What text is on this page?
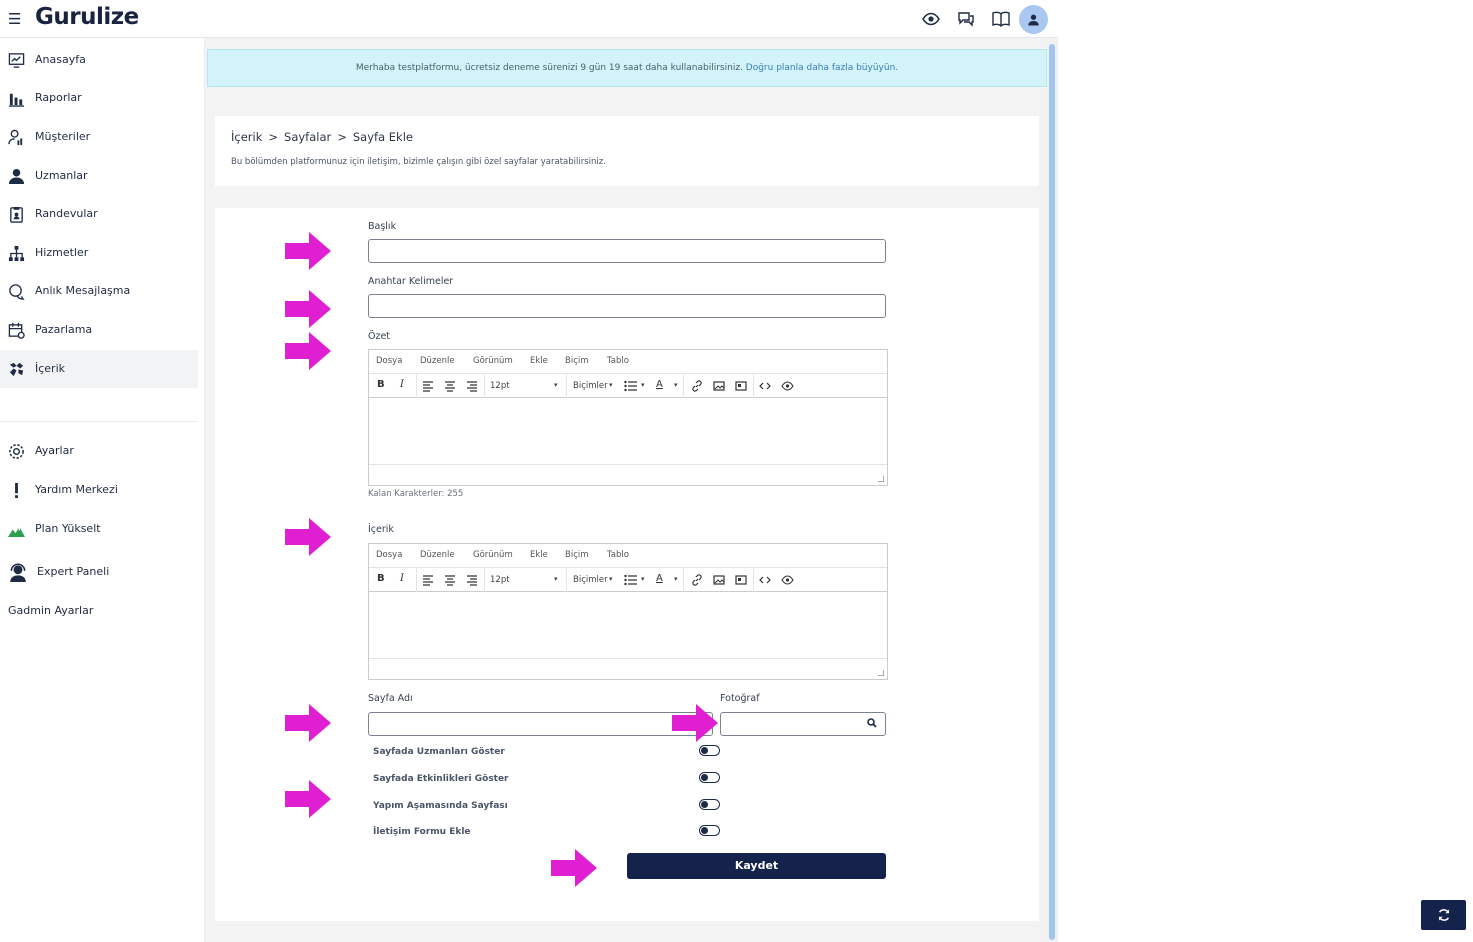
☰ Gurulize
Anasayfa
Raporlar
Müşteriler
Uzmanlar
Randevular
Hizmetler
Anlık Mesajlaşma
Pazarlama
İçerik
Ayarlar
Yardım Merkezi
Plan Yükselt
Expert Paneli
Gadmin Ayarlar
Merhaba testplatformu, ücretsiz deneme sürenizi 9 gün 19 saat daha kullanabilirsiniz. Doğru planla daha fazla büyüyün.
İçerik > Sayfalar > Sayfa Ekle
Bu bölümden platformunuz için iletişim, bizimle çalışın gibi özel sayfalar yaratabilirsiniz.
Başlık
Anahtar Kelimeler
Özet
Dosya Düzenle Görünüm Ekle Biçim Tablo
B I	12pt	▾ Biçimler ▾	▾ A ▾
Kalan Karakterler: 255
İçerik
Dosya Düzenle Görünüm Ekle Biçim Tablo
B I	12pt	▾ Biçimler ▾	▾ A ▾
Sayfa Adı	Fotoğraf
Sayfada Uzmanları Göster
Sayfada Etkinlikleri Göster
Yapım Aşamasında Sayfası
İletişim Formu Ekle
Kaydet
